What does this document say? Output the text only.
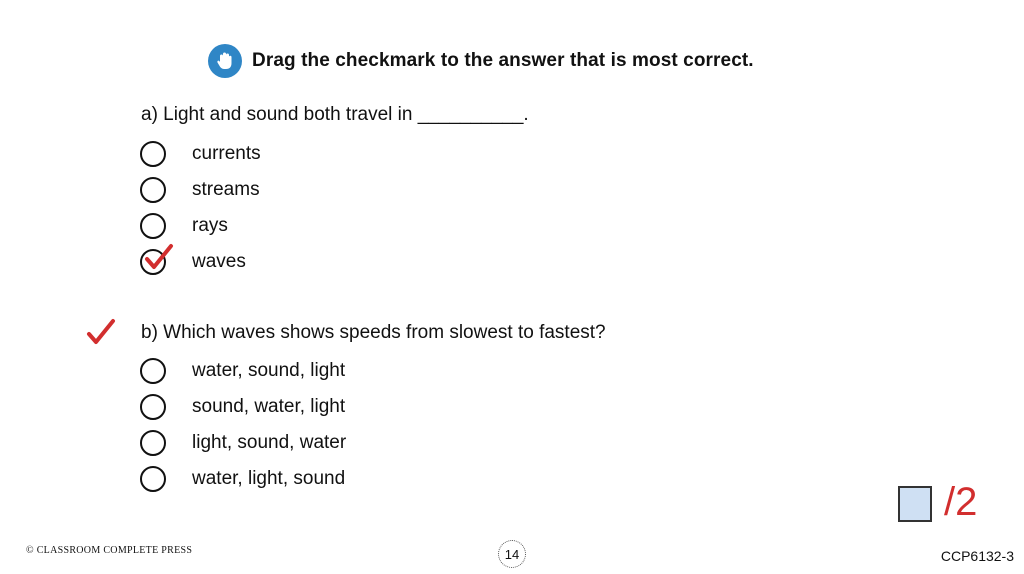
Drag the checkmark to the answer that is most correct.
a) Light and sound both travel in __________.
currents
streams
rays
waves
b) Which waves shows speeds from slowest to fastest?
water, sound, light
sound, water, light
light, sound, water
water, light, sound
/2
© CLASSROOM COMPLETE PRESS	14	CCP6132-3
